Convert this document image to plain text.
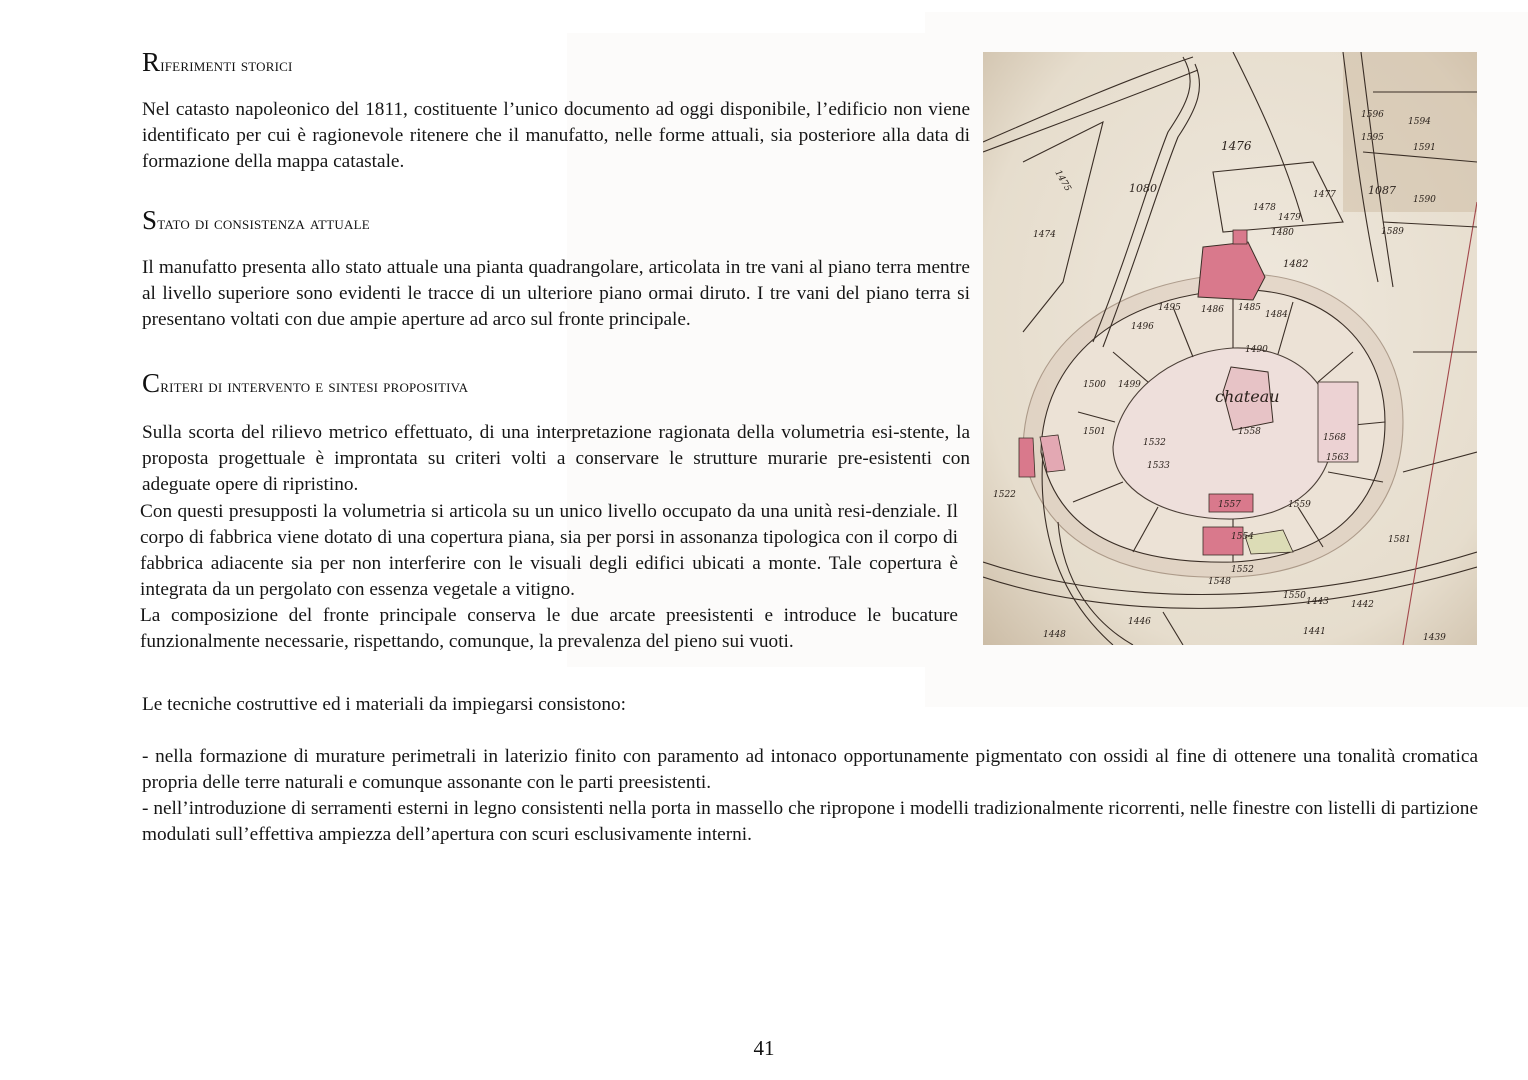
Riferimenti storici

Nel catasto napoleonico del 1811, costituente l’unico documento ad oggi disponibile, l’edificio non viene identificato per cui è ragionevole ritenere che il manufatto, nelle forme attuali, sia posteriore alla data di formazione della mappa catastale.

Stato di consistenza attuale

Il manufatto presenta allo stato attuale una pianta quadrangolare, articolata in tre vani al piano terra mentre al livello superiore sono evidenti le tracce di un ulteriore piano ormai diruto. I tre vani del piano terra si presentano voltati con due ampie aperture ad arco sul fronte principale.

Criteri di intervento e sintesi propositiva

Sulla scorta del rilievo metrico effettuato, di una interpretazione ragionata della volumetria esi-stente, la proposta progettuale è improntata su criteri volti a conservare le strutture murarie pre-esistenti con adeguate opere di ripristino.

Con questi presupposti la volumetria si articola su un unico livello occupato da una unità resi-denziale. Il corpo di fabbrica viene dotato di una copertura piana, sia per porsi in assonanza tipologica con il corpo di fabbrica adiacente sia per non interferire con le visuali degli edifici ubicati a monte. Tale copertura è integrata da un pergolato con essenza vegetale a vitigno.

La composizione del fronte principale conserva le due arcate preesistenti e introduce le bucature funzionalmente necessarie, rispettando, comunque, la prevalenza del pieno sui vuoti.

Le tecniche costruttive ed i materiali da impiegarsi consistono:

- nella formazione di murature perimetrali in laterizio finito con paramento ad intonaco opportunamente pigmentato con ossidi al fine di ottenere una tonalità cromatica propria delle terre naturali e comunque assonante con le parti preesistenti.
- nell’introduzione di serramenti esterni in legno consistenti nella porta in massello che ripropone i modelli tradizionalmente ricorrenti, nelle finestre con listelli di partizione modulati sull’effettiva ampiezza dell’apertura con scuri esclusivamente interni.
1476
1475
1474
1080
1478
1477
1479
1480
1482
1087
1590
1589
1596
1595
1594
1591
1486 1485
1484
1495
1496
1490
1500 1499
1501
chateau
1558
1522
1532
1533
1557
1554
1559
1568
1563
1581
1552
1548
1550
1446
1448	1441
1439
1442
1443
41
